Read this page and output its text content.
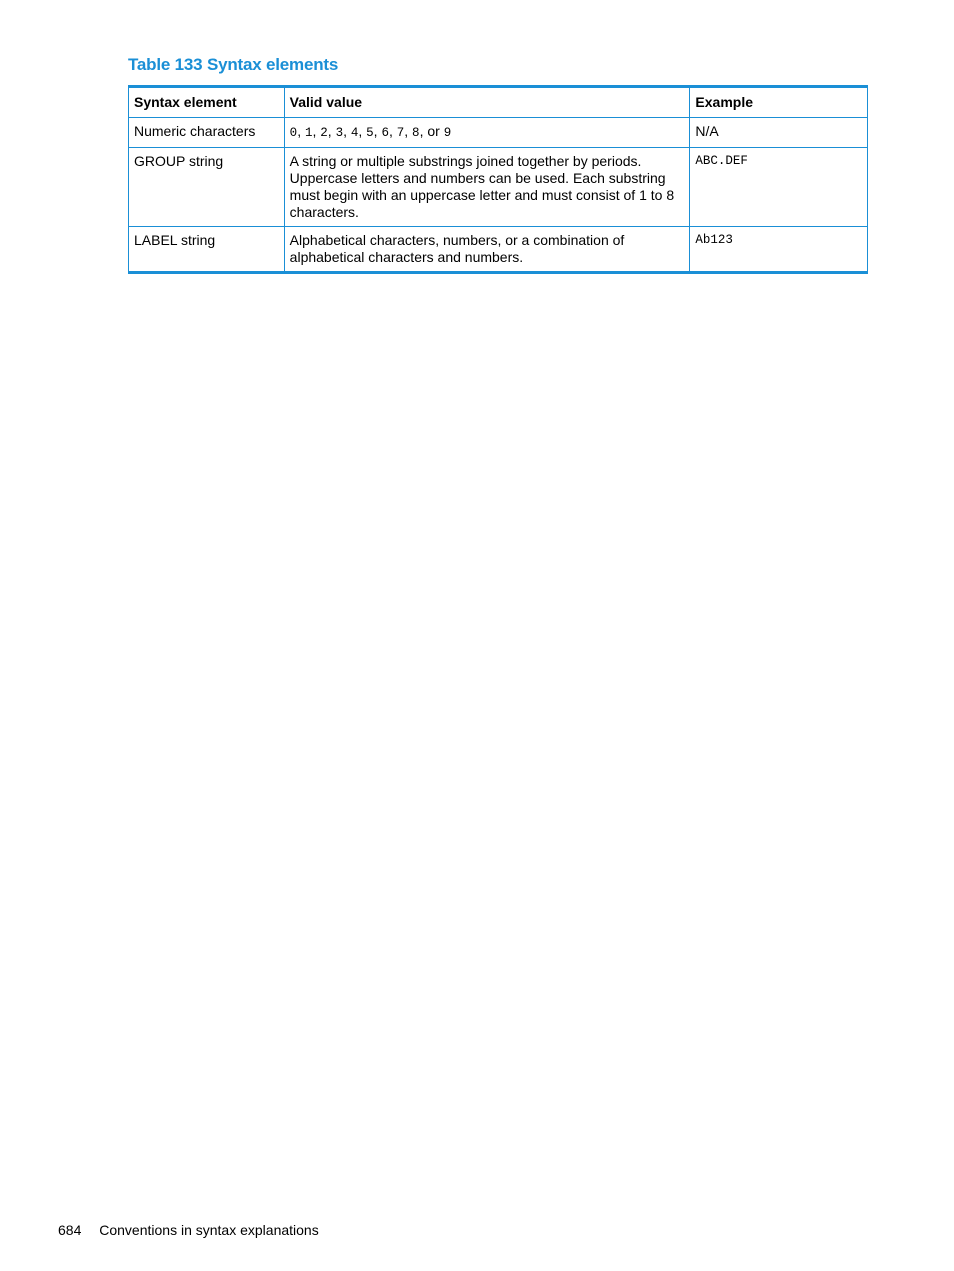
Table 133 Syntax elements
Syntax element	Valid value	Example
Numeric characters	0, 1, 2, 3, 4, 5, 6, 7, 8, or 9	N/A
GROUP string	A string or multiple substrings joined together by periods. Uppercase letters and numbers can be used. Each substring must begin with an uppercase letter and must consist of 1 to 8 characters.	ABC.DEF
LABEL string	Alphabetical characters, numbers, or a combination of alphabetical characters and numbers.	Ab123
684 Conventions in syntax explanations
